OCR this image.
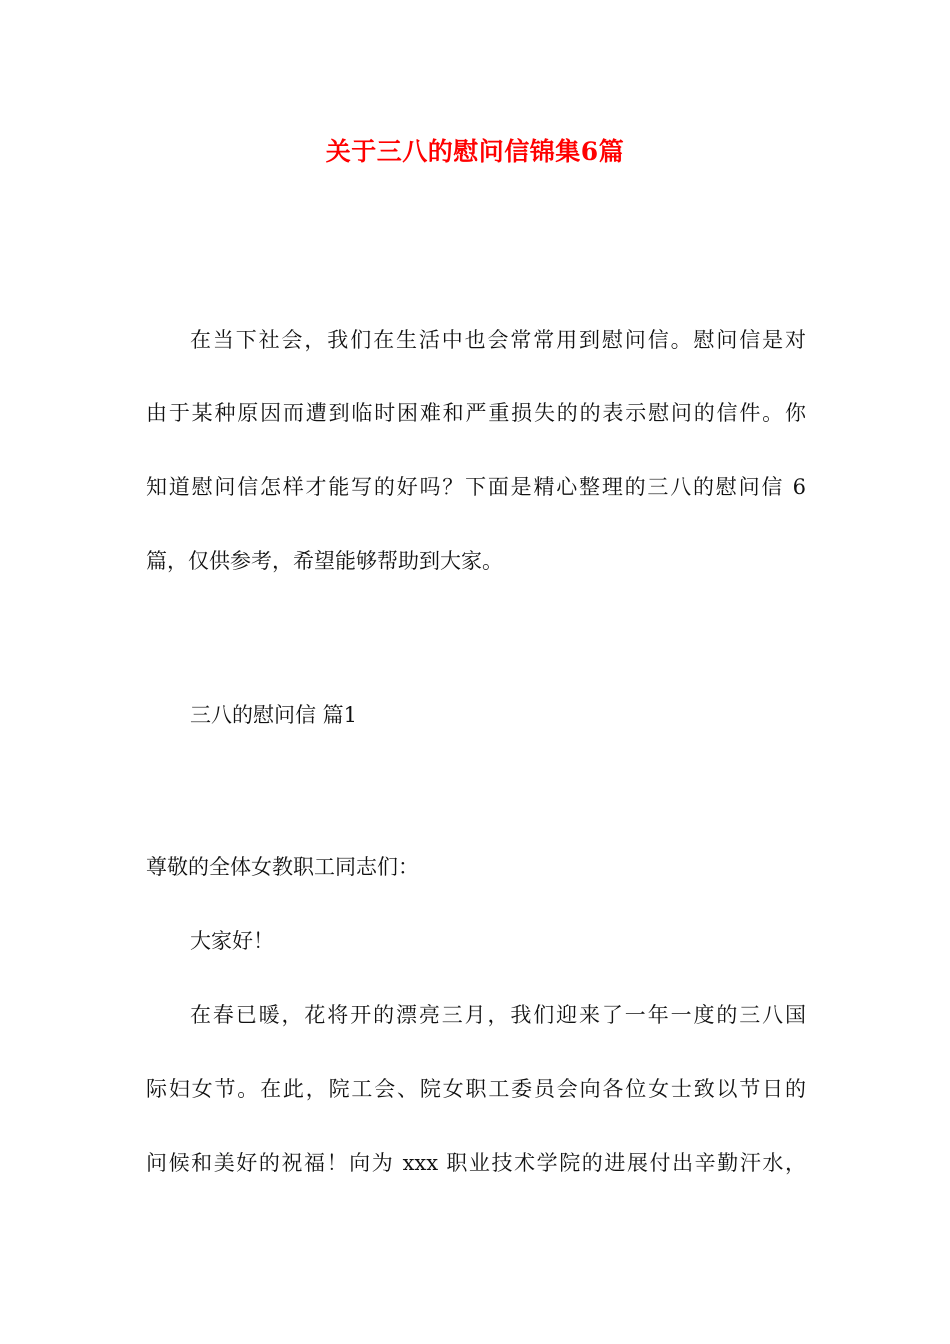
关于三八的慰问信锦集6篇
在当下社会，我们在生活中也会常常用到慰问信。慰问信是对
由于某种原因而遭到临时困难和严重损失的的表示慰问的信件。你
知道慰问信怎样才能写的好吗？下面是精心整理的三八的慰问信 6
篇，仅供参考，希望能够帮助到大家。
三八的慰问信 篇1
尊敬的全体女教职工同志们：
大家好！
在春已暖，花将开的漂亮三月，我们迎来了一年一度的三八国
际妇女节。在此，院工会、院女职工委员会向各位女士致以节日的
问候和美好的祝福！向为 xxx 职业技术学院的进展付出辛勤汗水，
